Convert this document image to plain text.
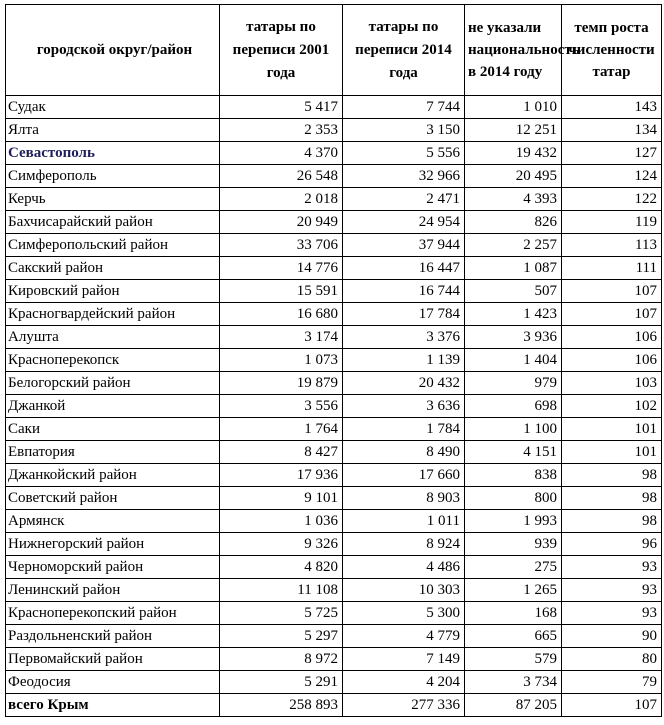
городской округ/район	татары по переписи 2001 года	татары по переписи 2014 года	не указали национальность в 2014 году	темп роста численности татар
Судак	5 417	7 744	1 010	143
Ялта	2 353	3 150	12 251	134
Севастополь	4 370	5 556	19 432	127
Симферополь	26 548	32 966	20 495	124
Керчь	2 018	2 471	4 393	122
Бахчисарайский район	20 949	24 954	826	119
Симферопольский район	33 706	37 944	2 257	113
Сакский район	14 776	16 447	1 087	111
Кировский район	15 591	16 744	507	107
Красногвардейский район	16 680	17 784	1 423	107
Алушта	3 174	3 376	3 936	106
Красноперекопск	1 073	1 139	1 404	106
Белогорский район	19 879	20 432	979	103
Джанкой	3 556	3 636	698	102
Саки	1 764	1 784	1 100	101
Евпатория	8 427	8 490	4 151	101
Джанкойский район	17 936	17 660	838	98
Советский район	9 101	8 903	800	98
Армянск	1 036	1 011	1 993	98
Нижнегорский район	9 326	8 924	939	96
Черноморский район	4 820	4 486	275	93
Ленинский район	11 108	10 303	1 265	93
Красноперекопский район	5 725	5 300	168	93
Раздольненский район	5 297	4 779	665	90
Первомайский район	8 972	7 149	579	80
Феодосия	5 291	4 204	3 734	79
всего Крым	258 893	277 336	87 205	107
